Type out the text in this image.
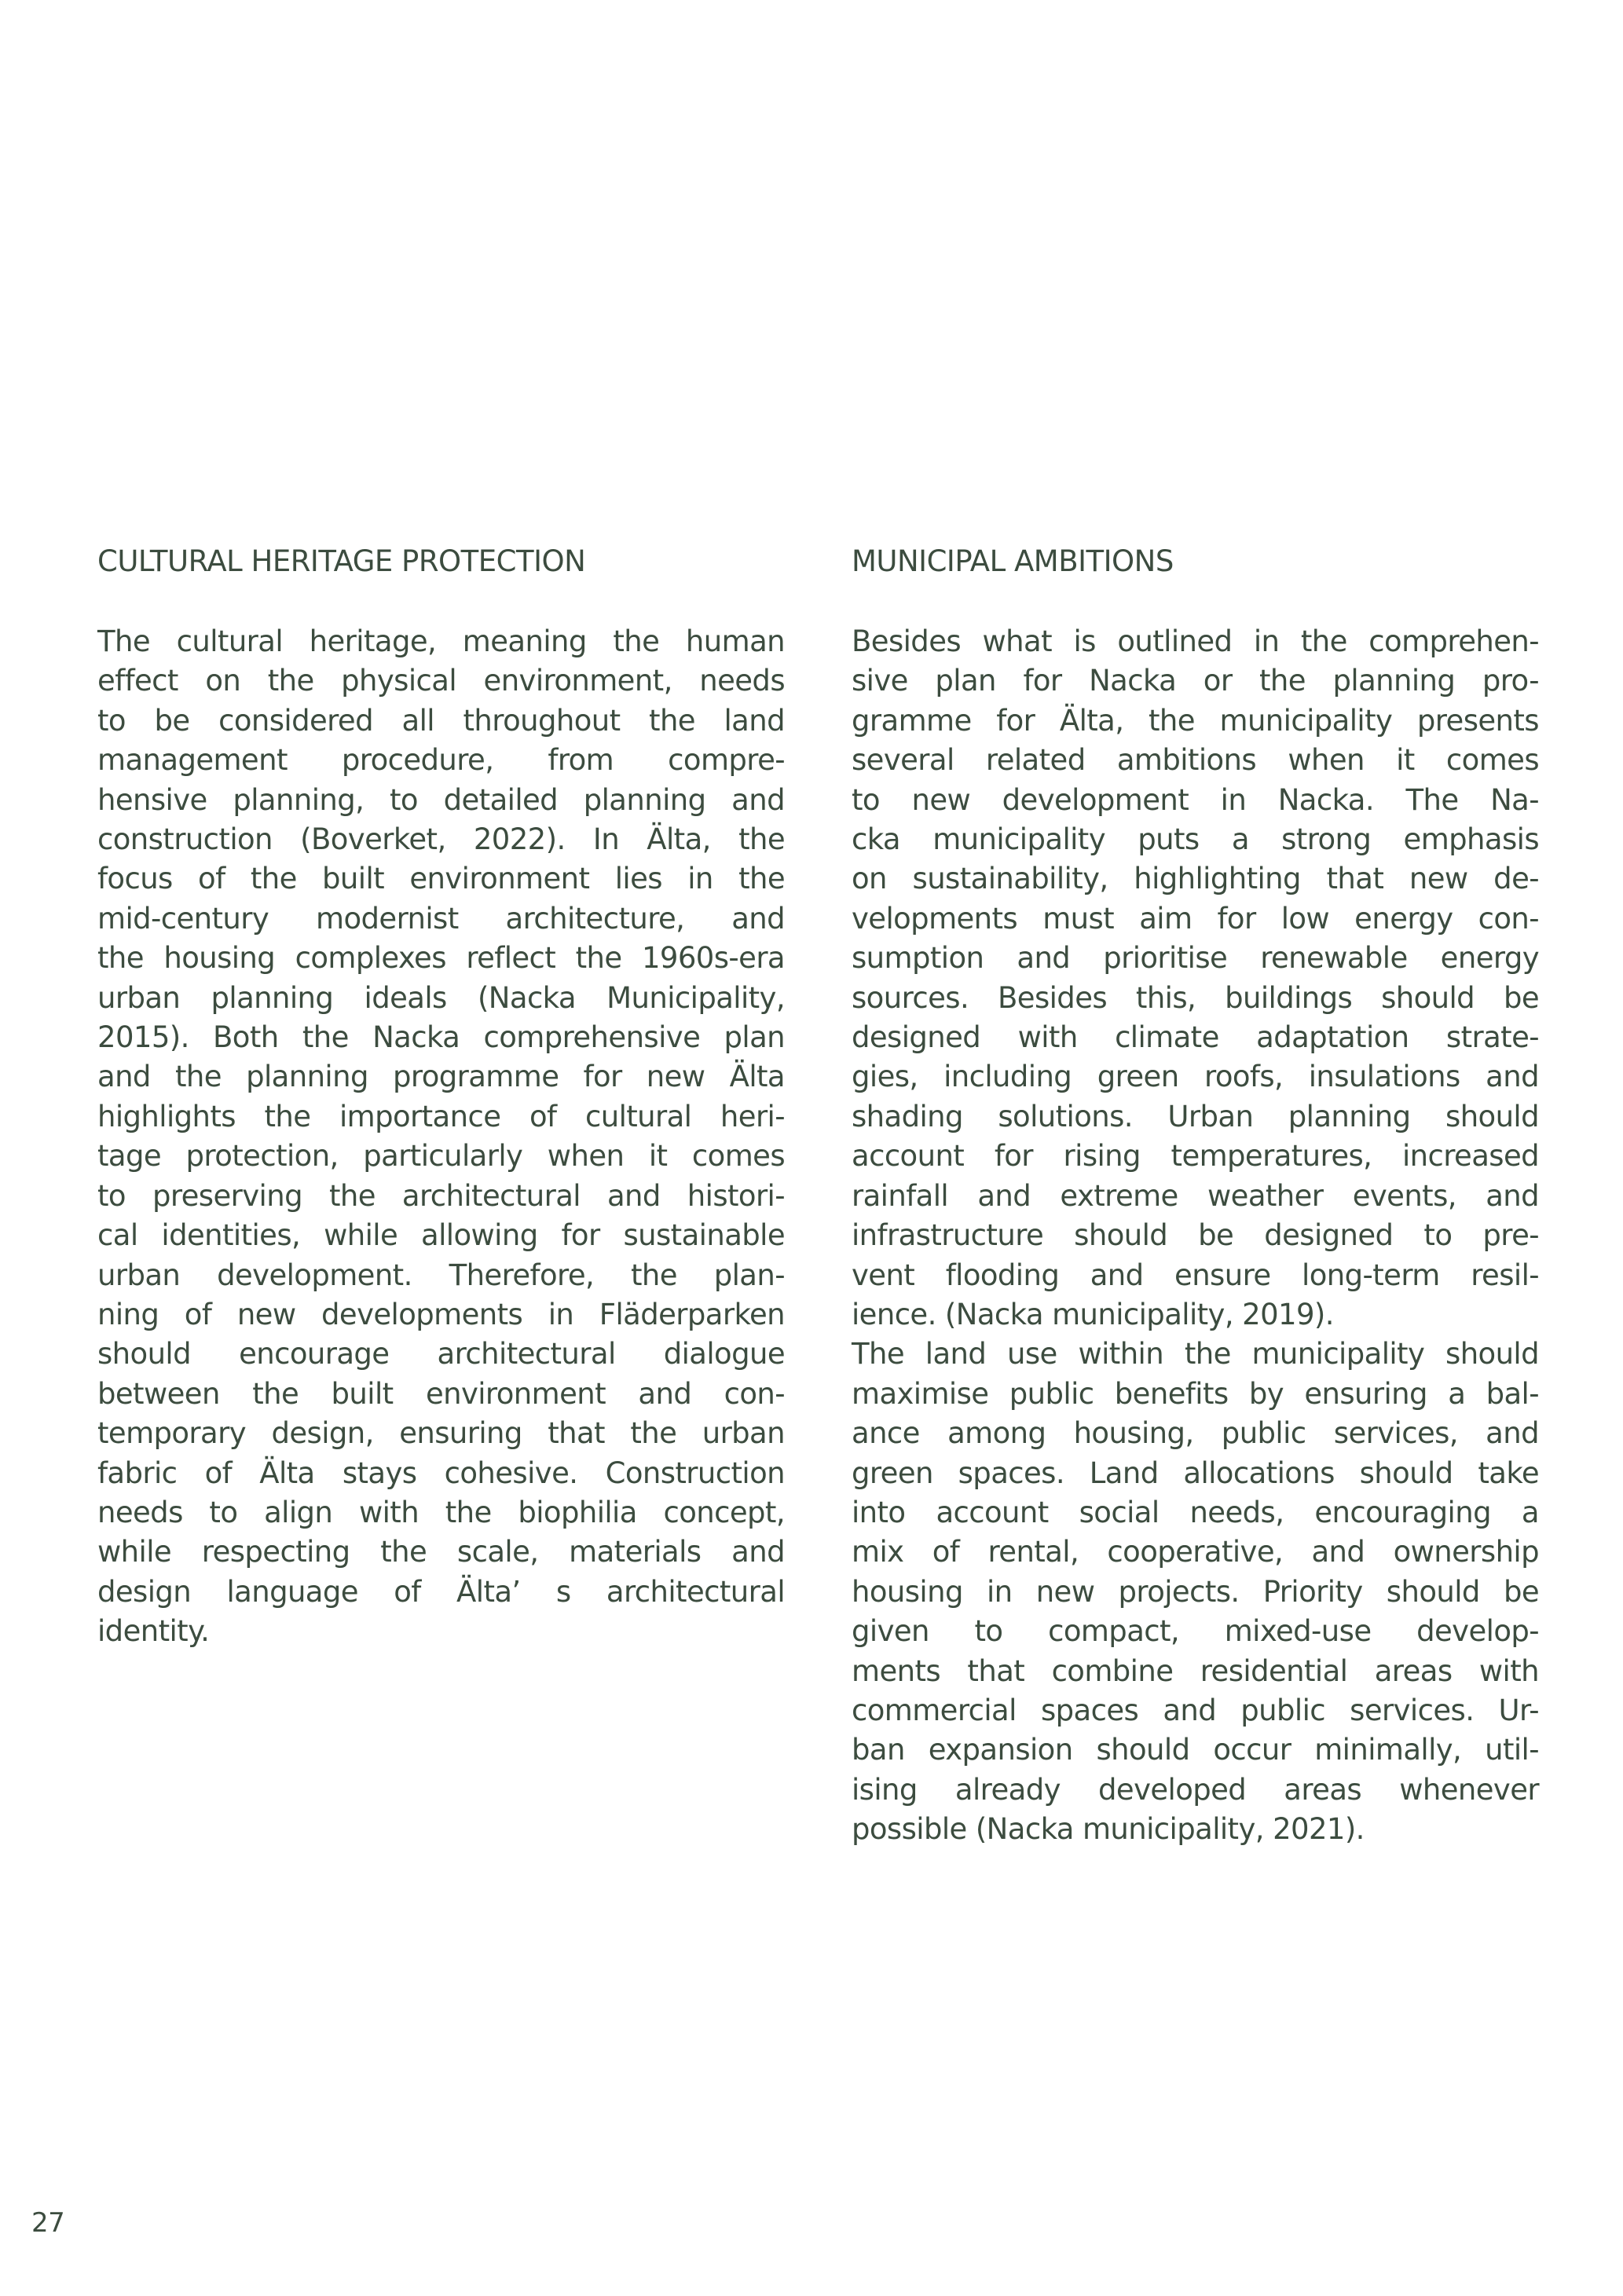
CULTURAL HERITAGE PROTECTION
The cultural heritage, meaning the human
effect on the physical environment, needs
to be considered all throughout the land
management procedure, from compre-
hensive planning, to detailed planning and
construction (Boverket, 2022). In Älta, the
focus of the built environment lies in the
mid-century modernist architecture, and
the housing complexes reflect the 1960s-era
urban planning ideals (Nacka Municipality,
2015). Both the Nacka comprehensive plan
and the planning programme for new Älta
highlights the importance of cultural heri-
tage protection, particularly when it comes
to preserving the architectural and histori-
cal identities, while allowing for sustainable
urban development. Therefore, the plan-
ning of new developments in Fläderparken
should encourage architectural dialogue
between the built environment and con-
temporary design, ensuring that the urban
fabric of Älta stays cohesive. Construction
needs to align with the biophilia concept,
while respecting the scale, materials and
design language of Älta’ s architectural
identity.
MUNICIPAL AMBITIONS
Besides what is outlined in the comprehen-
sive plan for Nacka or the planning pro-
gramme for Älta, the municipality presents
several related ambitions when it comes
to new development in Nacka. The Na-
cka municipality puts a strong emphasis
on sustainability, highlighting that new de-
velopments must aim for low energy con-
sumption and prioritise renewable energy
sources. Besides this, buildings should be
designed with climate adaptation strate-
gies, including green roofs, insulations and
shading solutions. Urban planning should
account for rising temperatures, increased
rainfall and extreme weather events, and
infrastructure should be designed to pre-
vent flooding and ensure long-term resil-
ience. (Nacka municipality, 2019).
The land use within the municipality should
maximise public benefits by ensuring a bal-
ance among housing, public services, and
green spaces. Land allocations should take
into account social needs, encouraging a
mix of rental, cooperative, and ownership
housing in new projects. Priority should be
given to compact, mixed-use develop-
ments that combine residential areas with
commercial spaces and public services. Ur-
ban expansion should occur minimally, util-
ising already developed areas whenever
possible (Nacka municipality, 2021).
27
